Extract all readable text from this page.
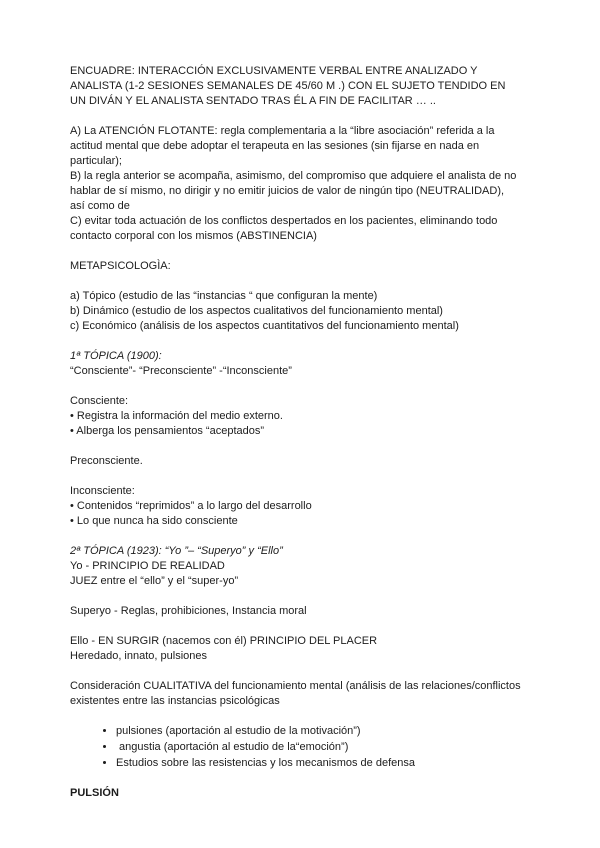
ENCUADRE: INTERACCIÓN EXCLUSIVAMENTE VERBAL ENTRE ANALIZADO Y
ANALISTA (1-2 SESIONES SEMANALES DE 45/60 M .) CON EL SUJETO TENDIDO EN
UN DIVÁN Y EL ANALISTA SENTADO TRAS ÉL A FIN DE FACILITAR … ..
A) La ATENCIÓN FLOTANTE: regla complementaria a la “libre asociación” referida a la
actitud mental que debe adoptar el terapeuta en las sesiones (sin fijarse en nada en
particular);
B) la regla anterior se acompaña, asimismo, del compromiso que adquiere el analista de no
hablar de sí mismo, no dirigir y no emitir juicios de valor de ningún tipo (NEUTRALIDAD),
así como de
C) evitar toda actuación de los conflictos despertados en los pacientes, eliminando todo
contacto corporal con los mismos (ABSTINENCIA)
METAPSICOLOGÌA:
a) Tópico (estudio de las “instancias “ que configuran la mente)
b) Dinámico (estudio de los aspectos cualitativos del funcionamiento mental)
c) Económico (análisis de los aspectos cuantitativos del funcionamiento mental)
1ª TÓPICA (1900):
“Consciente”- “Preconsciente” -“Inconsciente”
Consciente:
• Registra la información del medio externo.
• Alberga los pensamientos “aceptados”
Preconsciente.
Inconsciente:
• Contenidos “reprimidos” a lo largo del desarrollo
• Lo que nunca ha sido consciente
2ª TÓPICA (1923): “Yo ”– “Superyo” y “Ello”
Yo - PRINCIPIO DE REALIDAD
JUEZ entre el “ello” y el “super-yo”
Superyo - Reglas, prohibiciones, Instancia moral
Ello - EN SURGIR (nacemos con él) PRINCIPIO DEL PLACER
Heredado, innato, pulsiones
Consideración CUALITATIVA del funcionamiento mental (análisis de las relaciones/conflictos
existentes entre las instancias psicológicas
• pulsiones (aportación al estudio de la motivación”)
•  angustia (aportación al estudio de la“emoción”)
• Estudios sobre las resistencias y los mecanismos de defensa
PULSIÓN
